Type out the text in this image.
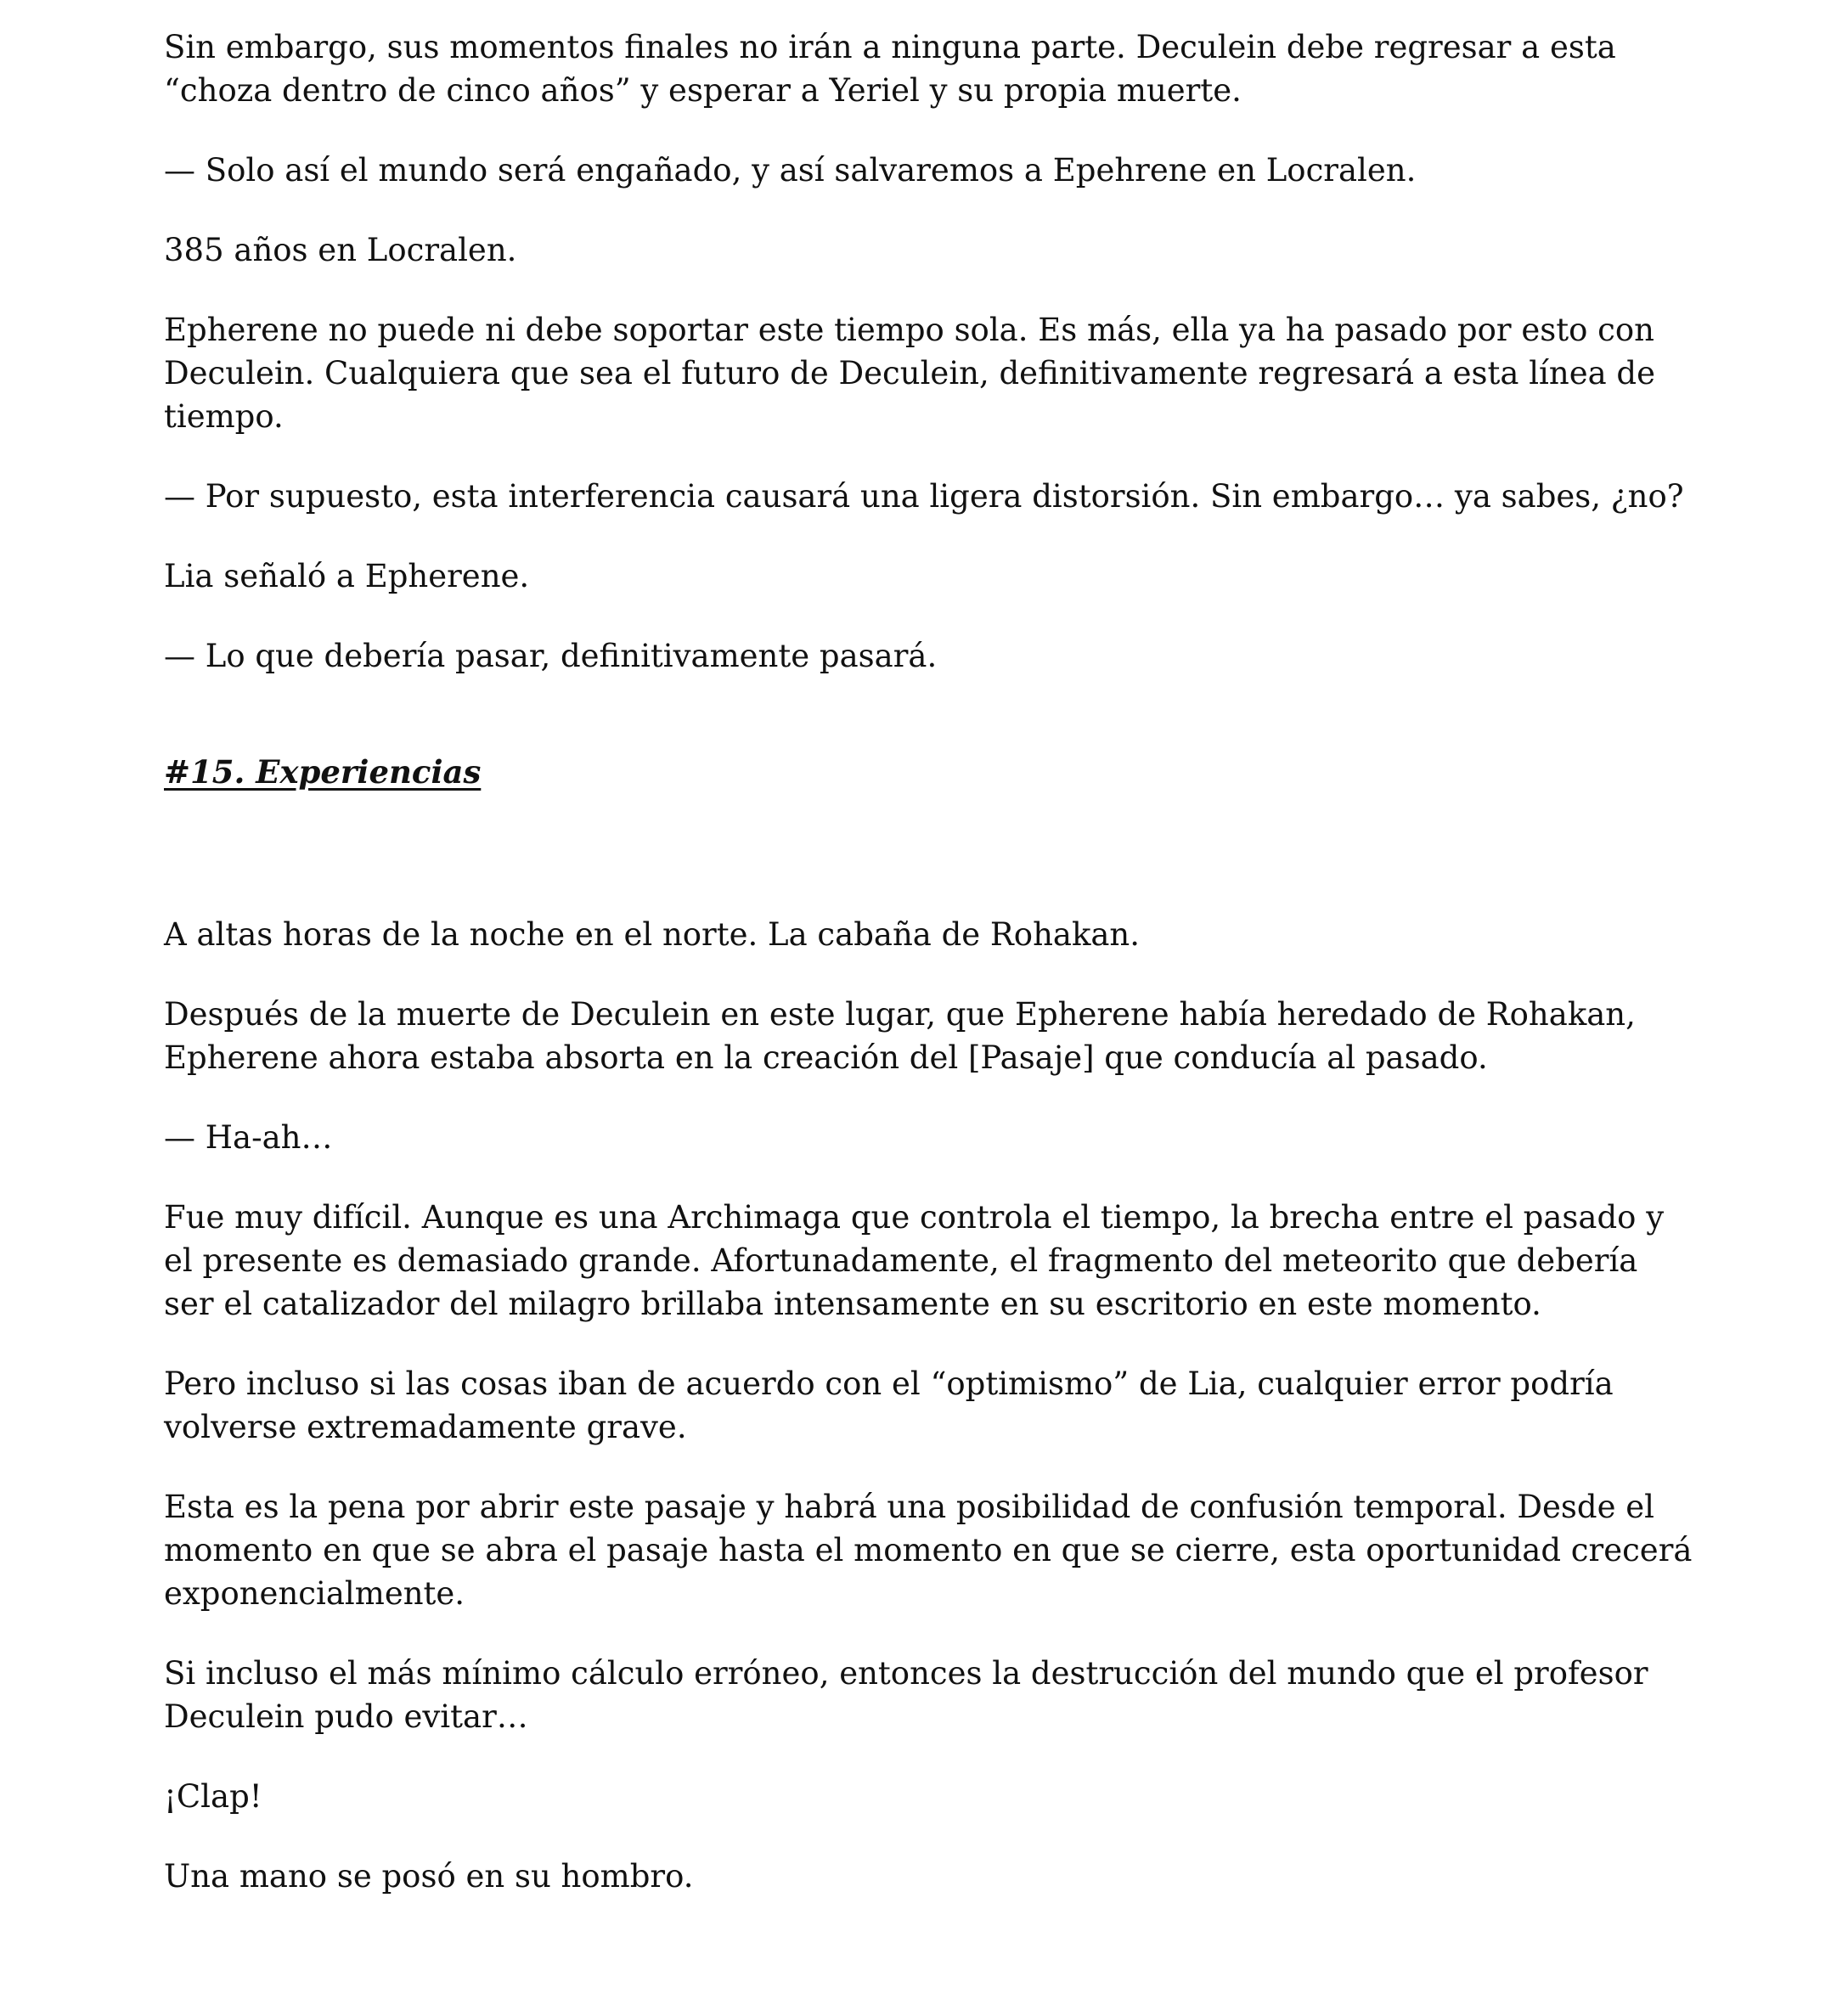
Sin embargo, sus momentos finales no irán a ninguna parte. Deculein debe regresar a esta “choza dentro de cinco años” y esperar a Yeriel y su propia muerte.

— Solo así el mundo será engañado, y así salvaremos a Epehrene en Locralen.

385 años en Locralen.

Epherene no puede ni debe soportar este tiempo sola. Es más, ella ya ha pasado por esto con Deculein. Cualquiera que sea el futuro de Deculein, definitivamente regresará a esta línea de tiempo.

— Por supuesto, esta interferencia causará una ligera distorsión. Sin embargo… ya sabes, ¿no?

Lia señaló a Epherene.

— Lo que debería pasar, definitivamente pasará.

#15. Experiencias

A altas horas de la noche en el norte. La cabaña de Rohakan.

Después de la muerte de Deculein en este lugar, que Epherene había heredado de Rohakan, Epherene ahora estaba absorta en la creación del [Pasaje] que conducía al pasado.

— Ha-ah…

Fue muy difícil. Aunque es una Archimaga que controla el tiempo, la brecha entre el pasado y el presente es demasiado grande. Afortunadamente, el fragmento del meteorito que debería ser el catalizador del milagro brillaba intensamente en su escritorio en este momento.

Pero incluso si las cosas iban de acuerdo con el “optimismo” de Lia, cualquier error podría volverse extremadamente grave.

Esta es la pena por abrir este pasaje y habrá una posibilidad de confusión temporal. Desde el momento en que se abra el pasaje hasta el momento en que se cierre, esta oportunidad crecerá exponencialmente.

Si incluso el más mínimo cálculo erróneo, entonces la destrucción del mundo que el profesor Deculein pudo evitar…

¡Clap!

Una mano se posó en su hombro.
